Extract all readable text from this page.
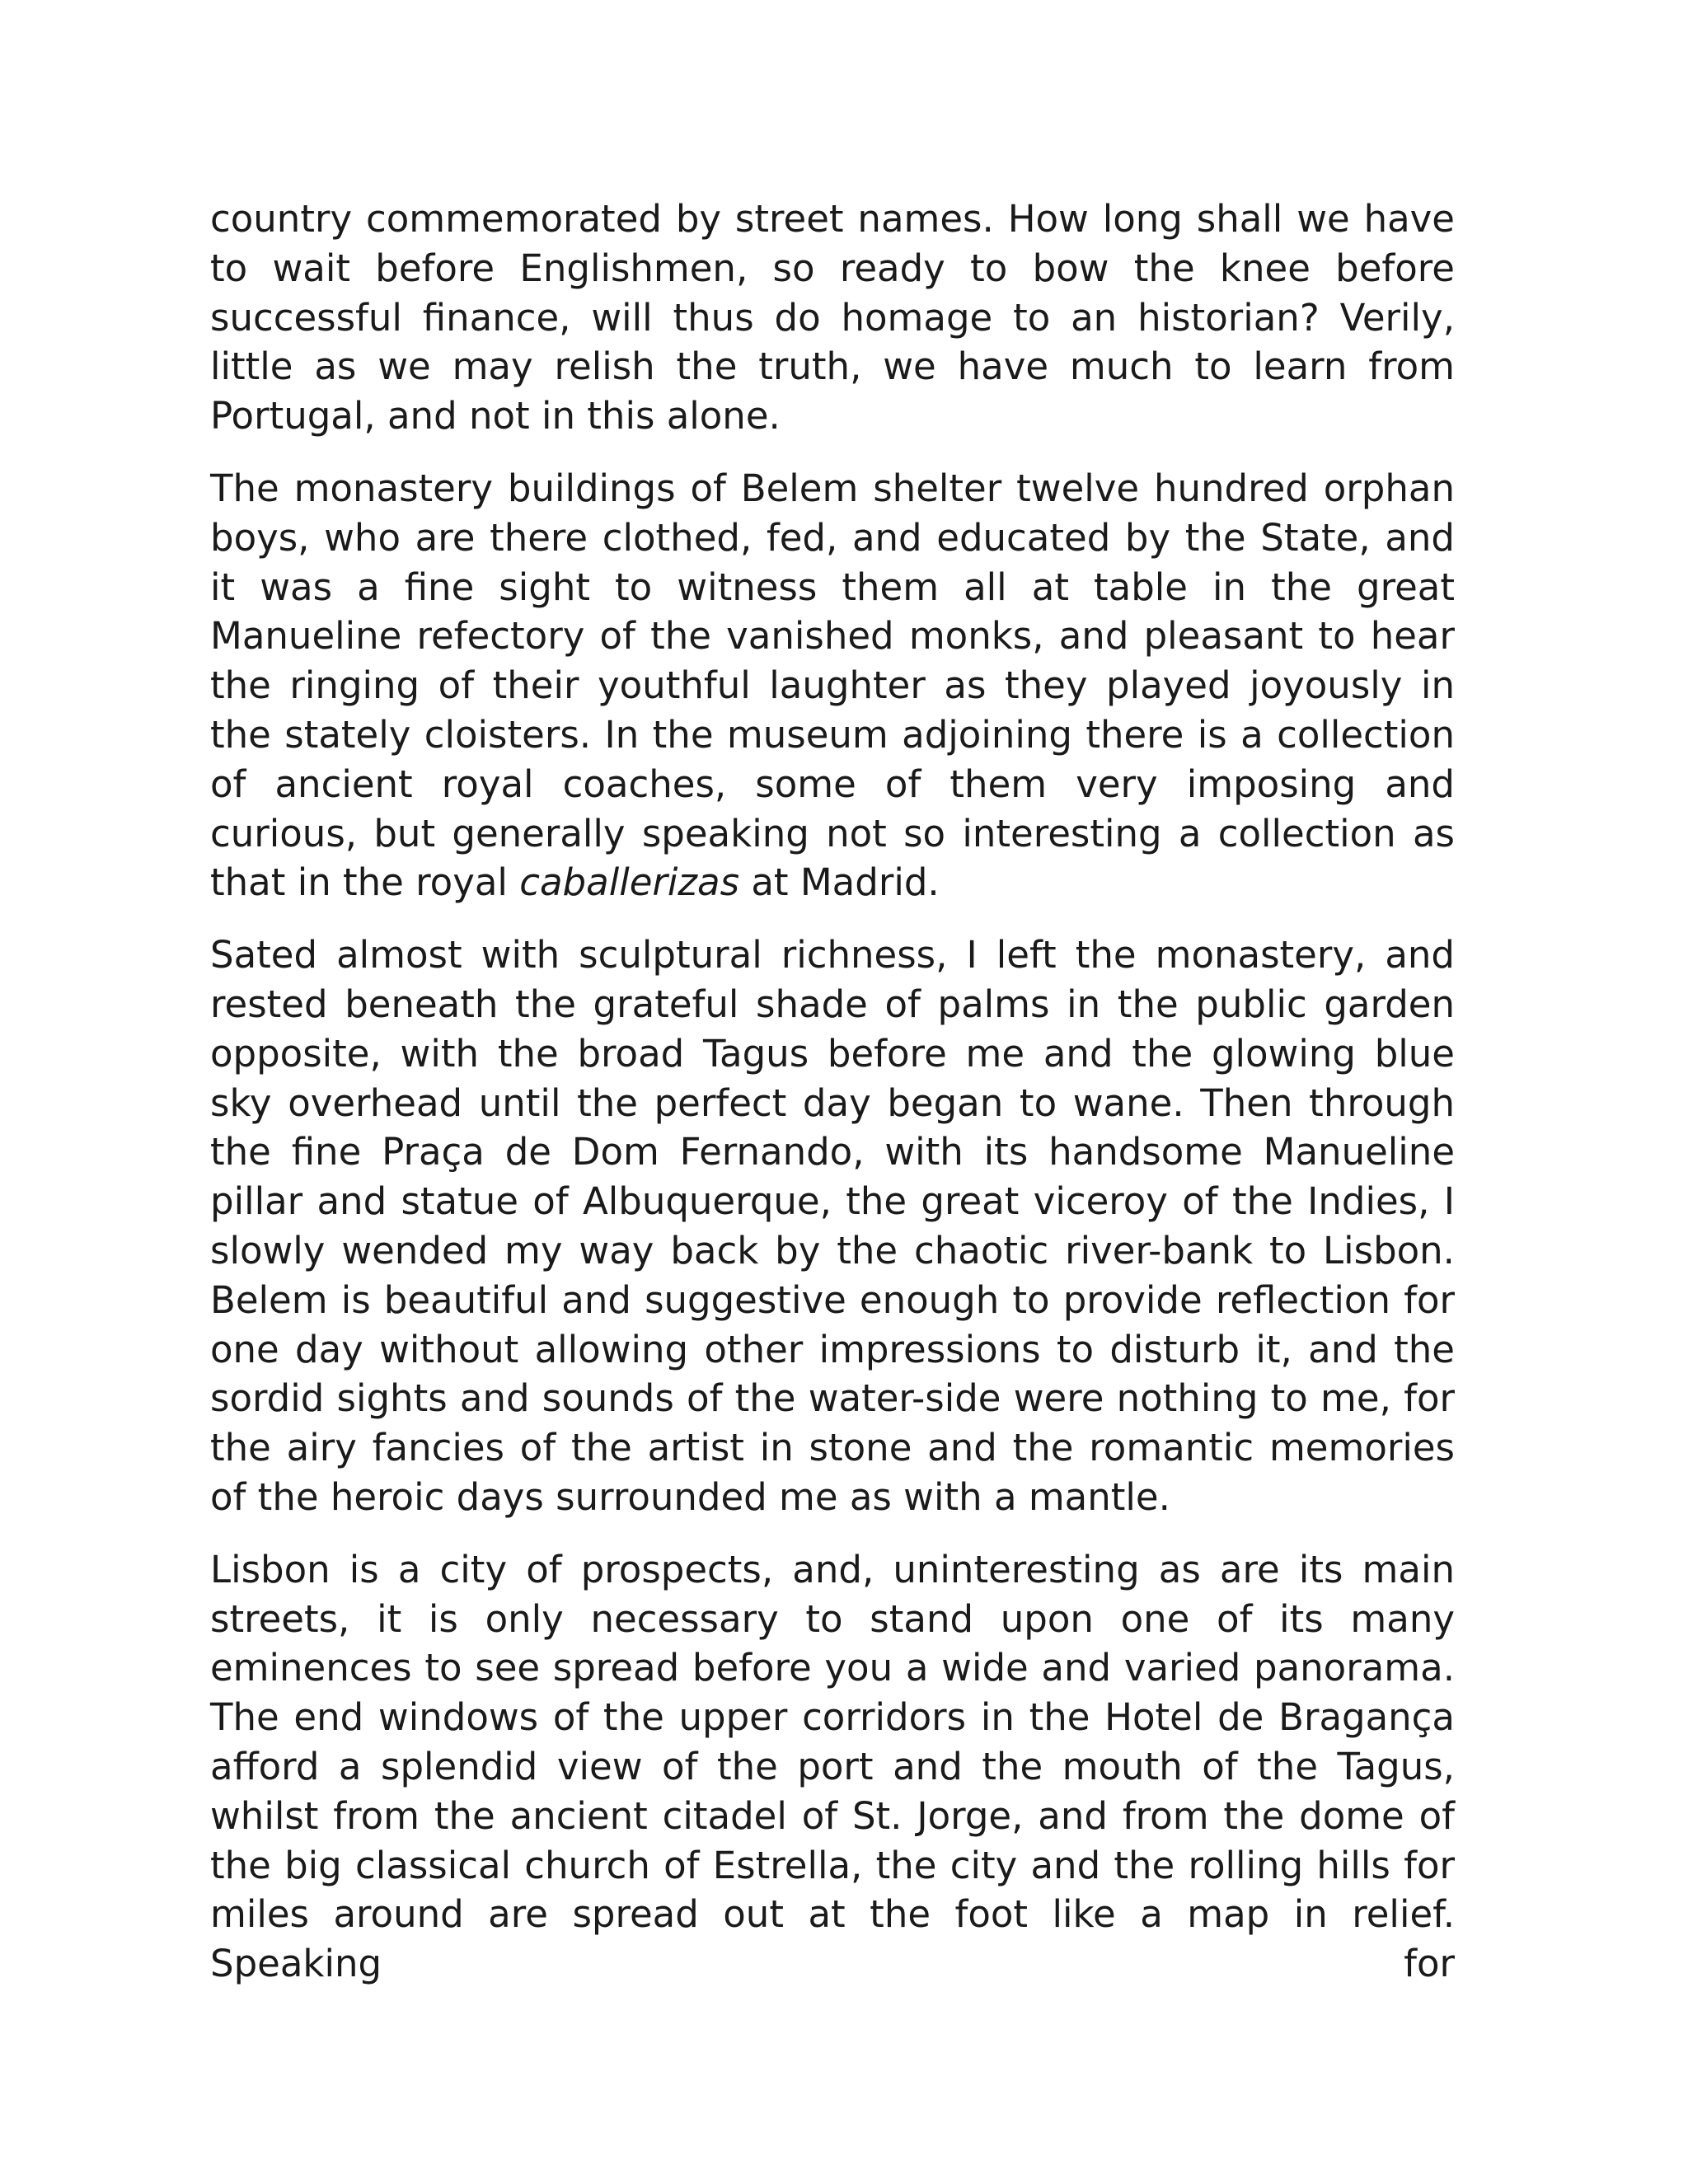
country commemorated by street names. How long shall we have to wait before Englishmen, so ready to bow the knee before successful finance, will thus do homage to an historian? Verily, little as we may relish the truth, we have much to learn from Portugal, and not in this alone.

The monastery buildings of Belem shelter twelve hundred orphan boys, who are there clothed, fed, and educated by the State, and it was a fine sight to witness them all at table in the great Manueline refectory of the vanished monks, and pleasant to hear the ringing of their youthful laughter as they played joyously in the stately cloisters. In the museum adjoining there is a collection of ancient royal coaches, some of them very imposing and curious, but generally speaking not so interesting a collection as that in the royal caballerizas at Madrid.

Sated almost with sculptural richness, I left the monastery, and rested beneath the grateful shade of palms in the public garden opposite, with the broad Tagus before me and the glowing blue sky overhead until the perfect day began to wane. Then through the fine Praça de Dom Fernando, with its handsome Manueline pillar and statue of Albuquerque, the great viceroy of the Indies, I slowly wended my way back by the chaotic river-bank to Lisbon. Belem is beautiful and suggestive enough to provide reflection for one day without allowing other impressions to disturb it, and the sordid sights and sounds of the water-side were nothing to me, for the airy fancies of the artist in stone and the romantic memories of the heroic days surrounded me as with a mantle.

Lisbon is a city of prospects, and, uninteresting as are its main streets, it is only necessary to stand upon one of its many eminences to see spread before you a wide and varied panorama. The end windows of the upper corridors in the Hotel de Bragança afford a splendid view of the port and the mouth of the Tagus, whilst from the ancient citadel of St. Jorge, and from the dome of the big classical church of Estrella, the city and the rolling hills for miles around are spread out at the foot like a map in relief. Speaking for
